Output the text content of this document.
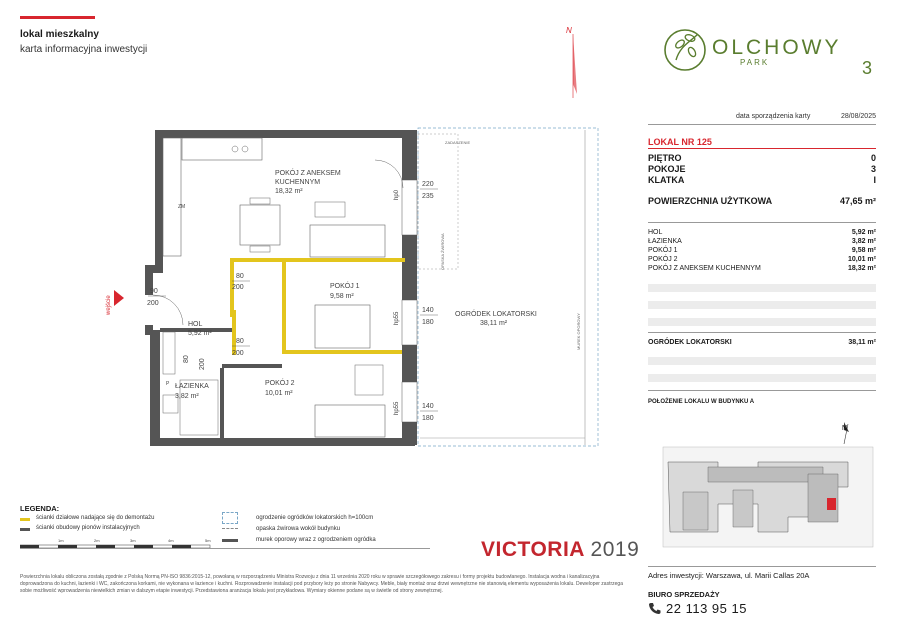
lokal mieszkalny
karta informacyjna inwestycji
N
OLCHOWY
PARK	3
data sporządzenia karty	28/08/2025
LOKAL NR 125
PIĘTRO	0
POKOJE	3
KLATKA	I
POWIERZCHNIA UŻYTKOWA	47,65 m²
HOL	5,92 m²
ŁAZIENKA	3,82 m²
POKÓJ 1	9,58 m²
POKÓJ 2	10,01 m²
POKÓJ Z ANEKSEM KUCHENNYM	18,32 m²
OGRÓDEK LOKATORSKI	38,11 m²
POŁOŻENIE LOKALU W BUDYNKU A
N
Adres inwestycji: Warszawa, ul. Marii Callas 20A
BIURO SPRZEDAŻY
22 113 95 15
ZM
P
POKÓJ Z ANEKSEM
KUCHENNYM
18,32 m²
POKÓJ 1
9,58 m²
POKÓJ 2
10,01 m²
HOL
5,92 m²
ŁAZIENKA
3,82 m²
OGRÓDEK LOKATORSKI
38,11 m²
220
235
90
200
80
200
80
200
140
180
140
180
80 200
hp0
hp55
hp55
ZADASZENIE
OPASKA ŻWIROWA
MUREK OPOROWY
wejście
LEGENDA:
ścianki działowe nadające się do demontażu
ścianki obudowy pionów instalacyjnych
ogrodzenie ogródków lokatorskich h=100cm
opaska żwirowa wokół budynku
murek oporowy wraz z ogrodzeniem ogródka
1m	2m	3m	4m	5m	VICTORIA 2019
Powierzchnia lokalu obliczona zostałą zgodnie z Polską Normą PN-ISO 9836:2015-12, powołaną w rozporządzeniu Ministra Rozwoju z dnia 11 września 2020 roku w sprawie szczegółowego zakresu i formy projektu budowlanego. Instalacja wodna i kanalizacyjna doprowadzona do kuchni, łazienki i WC, zakończona korkami, nie wykonana w łazience i kuchni. Rozprowadzenie instalacji pod przybory leży po stronie Nabywcy. Meble, biały montaż oraz drzwi wewnętrzne nie stanowią elementu wyposażenia lokalu. Deweloper zastrzega sobie możliwość wprowadzenia niewielkich zmian w dalszym etapie inwestycji. Przedstawiona aranżacja lokalu jest przykładowa. Wymiary okienne podane są w świetle od strony zewnętrznej.
